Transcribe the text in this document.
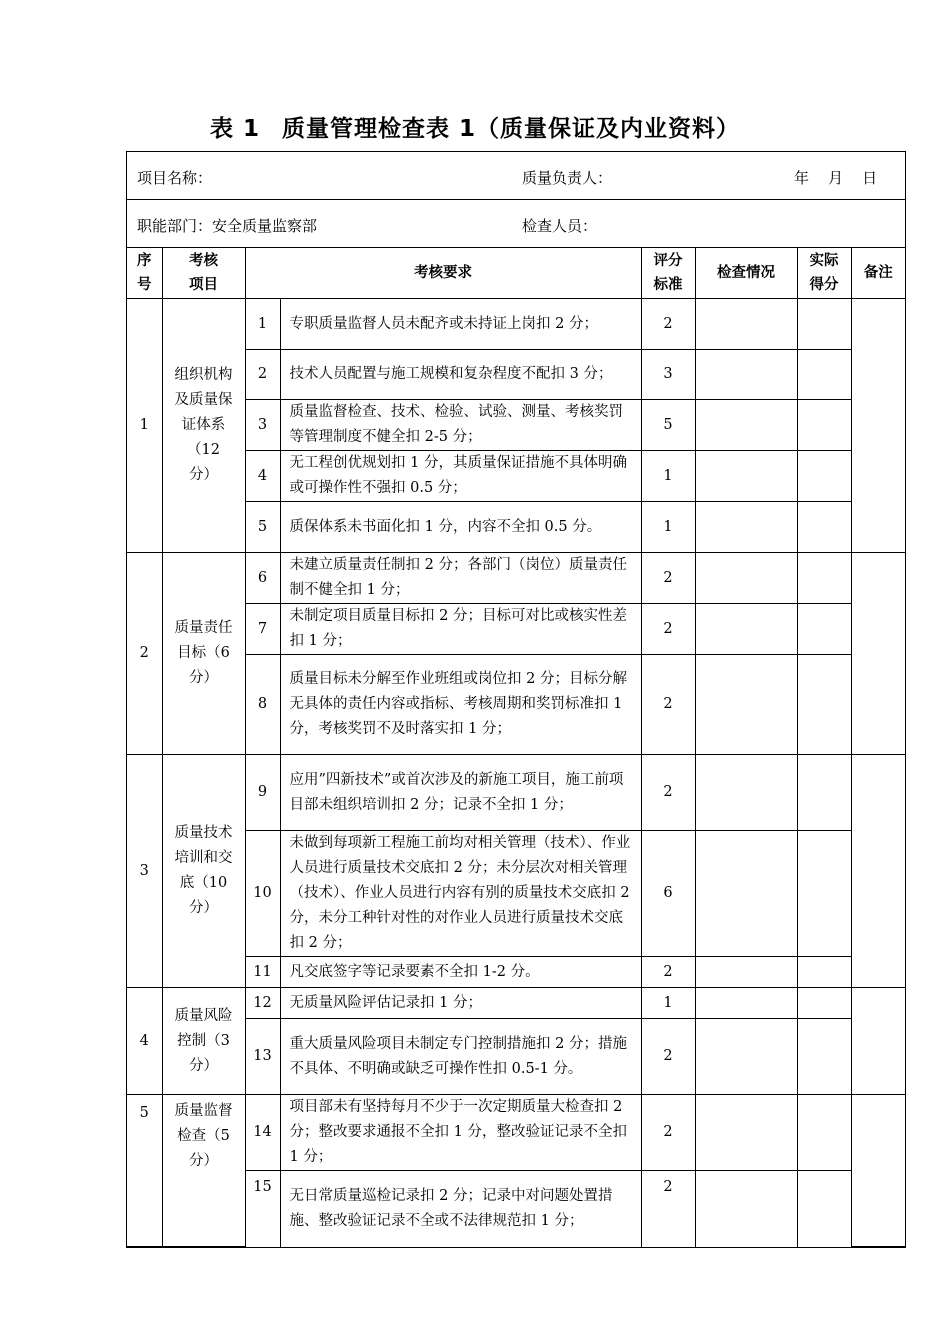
表 1 质量管理检查表 1（质量保证及内业资料）
项目名称：	质量负责人：	年    月    日
职能部门：安全质量监察部	检查人员：
序号	考核项目	考核要求		评分标准	检查情况	实际得分	备注
1	组织机构及质量保证体系（12 分）	1	专职质量监督人员未配齐或未持证上岗扣 2 分；	2			
		2	技术人员配置与施工规模和复杂程度不配扣 3 分；	3			
		3	质量监督检查、技术、检验、试验、测量、考核奖罚等管理制度不健全扣 2-5 分；	5			
		4	无工程创优规划扣 1 分，其质量保证措施不具体明确或可操作性不强扣 0.5 分；	1			
		5	质保体系未书面化扣 1 分，内容不全扣 0.5 分。	1			
2	质量责任目标（6 分）	6	未建立质量责任制扣 2 分；各部门（岗位）质量责任制不健全扣 1 分；	2			
		7	未制定项目质量目标扣 2 分；目标可对比或核实性差扣 1 分；	2			
		8	质量目标未分解至作业班组或岗位扣 2 分；目标分解无具体的责任内容或指标、考核周期和奖罚标准扣 1 分，考核奖罚不及时落实扣 1 分；	2			
3	质量技术培训和交底（10 分）	9	应用”四新技术”或首次涉及的新施工项目，施工前项目部未组织培训扣 2 分；记录不全扣 1 分；	2			
		10	未做到每项新工程施工前均对相关管理（技术）、作业人员进行质量技术交底扣 2 分；未分层次对相关管理（技术）、作业人员进行内容有别的质量技术交底扣 2 分，未分工种针对性的对作业人员进行质量技术交底扣 2 分；	6			
		11	凡交底签字等记录要素不全扣 1-2 分。	2			
4	质量风险控制（3 分）	12	无质量风险评估记录扣 1 分；	1			
		13	重大质量风险项目未制定专门控制措施扣 2 分；措施不具体、不明确或缺乏可操作性扣 0.5-1 分。	2			
5	质量监督检查（5 分）	14	项目部未有坚持每月不少于一次定期质量大检查扣 2 分；整改要求通报不全扣 1 分，整改验证记录不全扣 1 分；	2			
		15	无日常质量巡检记录扣 2 分；记录中对问题处置措施、整改验证记录不全或不法律规范扣 1 分；	2			
